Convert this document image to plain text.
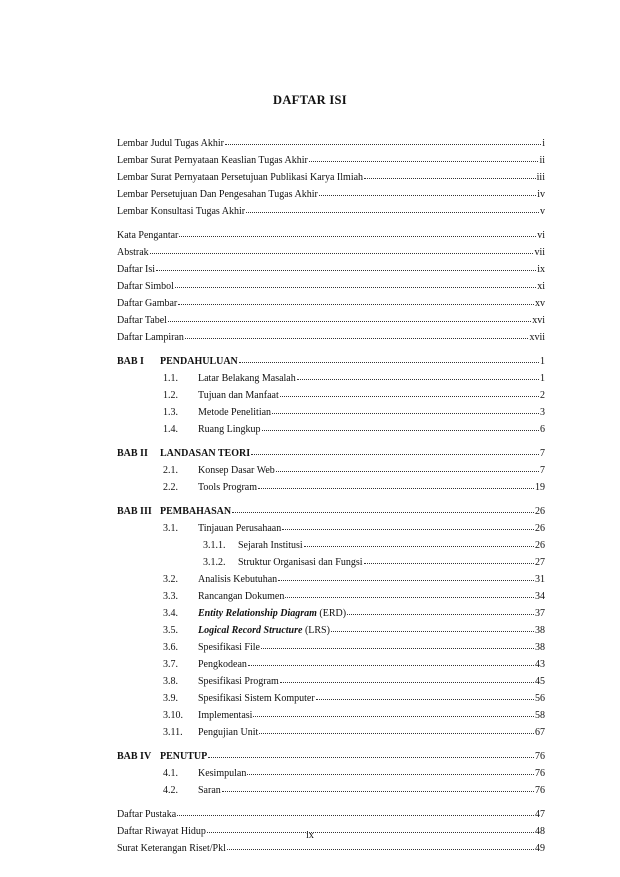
DAFTAR ISI
Lembar Judul Tugas Akhir	i
Lembar Surat Pernyataan Keaslian Tugas Akhir	ii
Lembar Surat Pernyataan Persetujuan Publikasi Karya Ilmiah	iii
Lembar Persetujuan Dan Pengesahan Tugas Akhir	iv
Lembar Konsultasi Tugas Akhir	v
Kata Pengantar	vi
Abstrak	vii
Daftar Isi	ix
Daftar Simbol	xi
Daftar Gambar	xv
Daftar Tabel	xvi
Daftar Lampiran	xvii
BAB I	PENDAHULUAN	1
1.1.	Latar Belakang Masalah	1
1.2.	Tujuan dan Manfaat	2
1.3.	Metode Penelitian	3
1.4.	Ruang Lingkup	6
BAB II	LANDASAN TEORI	7
2.1.	Konsep Dasar Web	7
2.2.	Tools Program	19
BAB III PEMBAHASAN	26
3.1.	Tinjauan Perusahaan	26
3.1.1.	Sejarah Institusi	26
3.1.2.	Struktur Organisasi dan Fungsi	27
3.2.	Analisis Kebutuhan	31
3.3.	Rancangan Dokumen	34
3.4.	Entity Relationship Diagram (ERD)	37
3.5.	Logical Record Structure (LRS)	38
3.6.	Spesifikasi File	38
3.7.	Pengkodean	43
3.8.	Spesifikasi Program	45
3.9.	Spesifikasi Sistem Komputer	56
3.10.	Implementasi	58
3.11.	Pengujian Unit	67
BAB IV PENUTUP	76
4.1.	Kesimpulan	76
4.2.	Saran	76
Daftar Pustaka	47
Daftar Riwayat Hidup	48
Surat Keterangan Riset/Pkl	49
ix
